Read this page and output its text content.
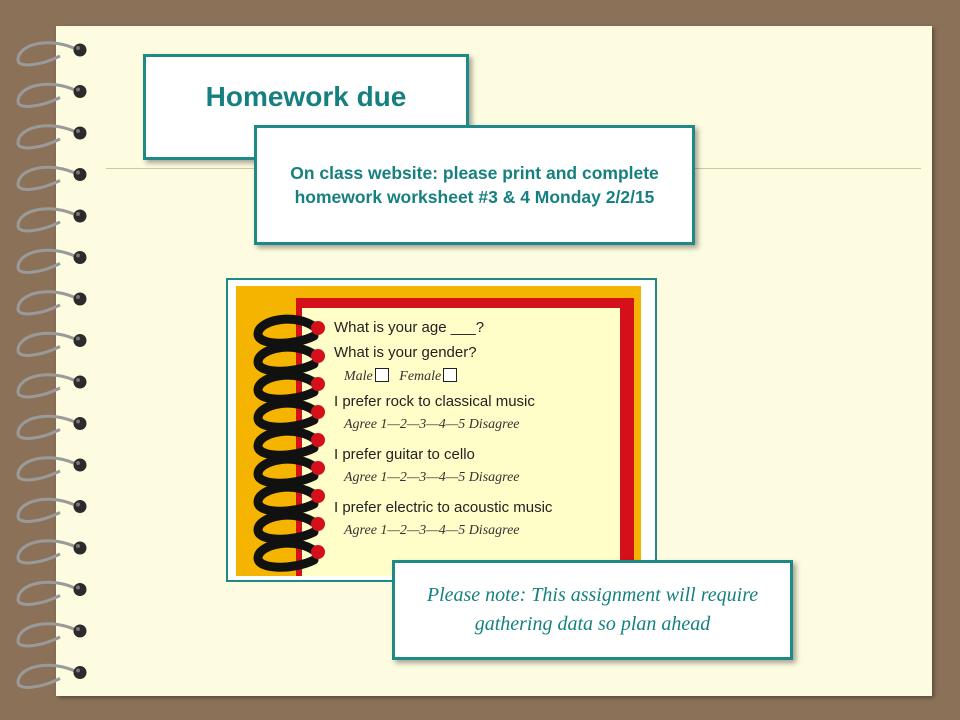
Homework due
On class website: please print and complete homework worksheet #3 & 4 Monday 2/2/15
What is your age ___?
What is your gender?
Male Female
I prefer rock to classical music
Agree 1—2—3—4—5 Disagree
I prefer guitar to cello
Agree 1—2—3—4—5 Disagree
I prefer electric to acoustic music
Agree 1—2—3—4—5 Disagree
Please note: This assignment will require gathering data so plan ahead
